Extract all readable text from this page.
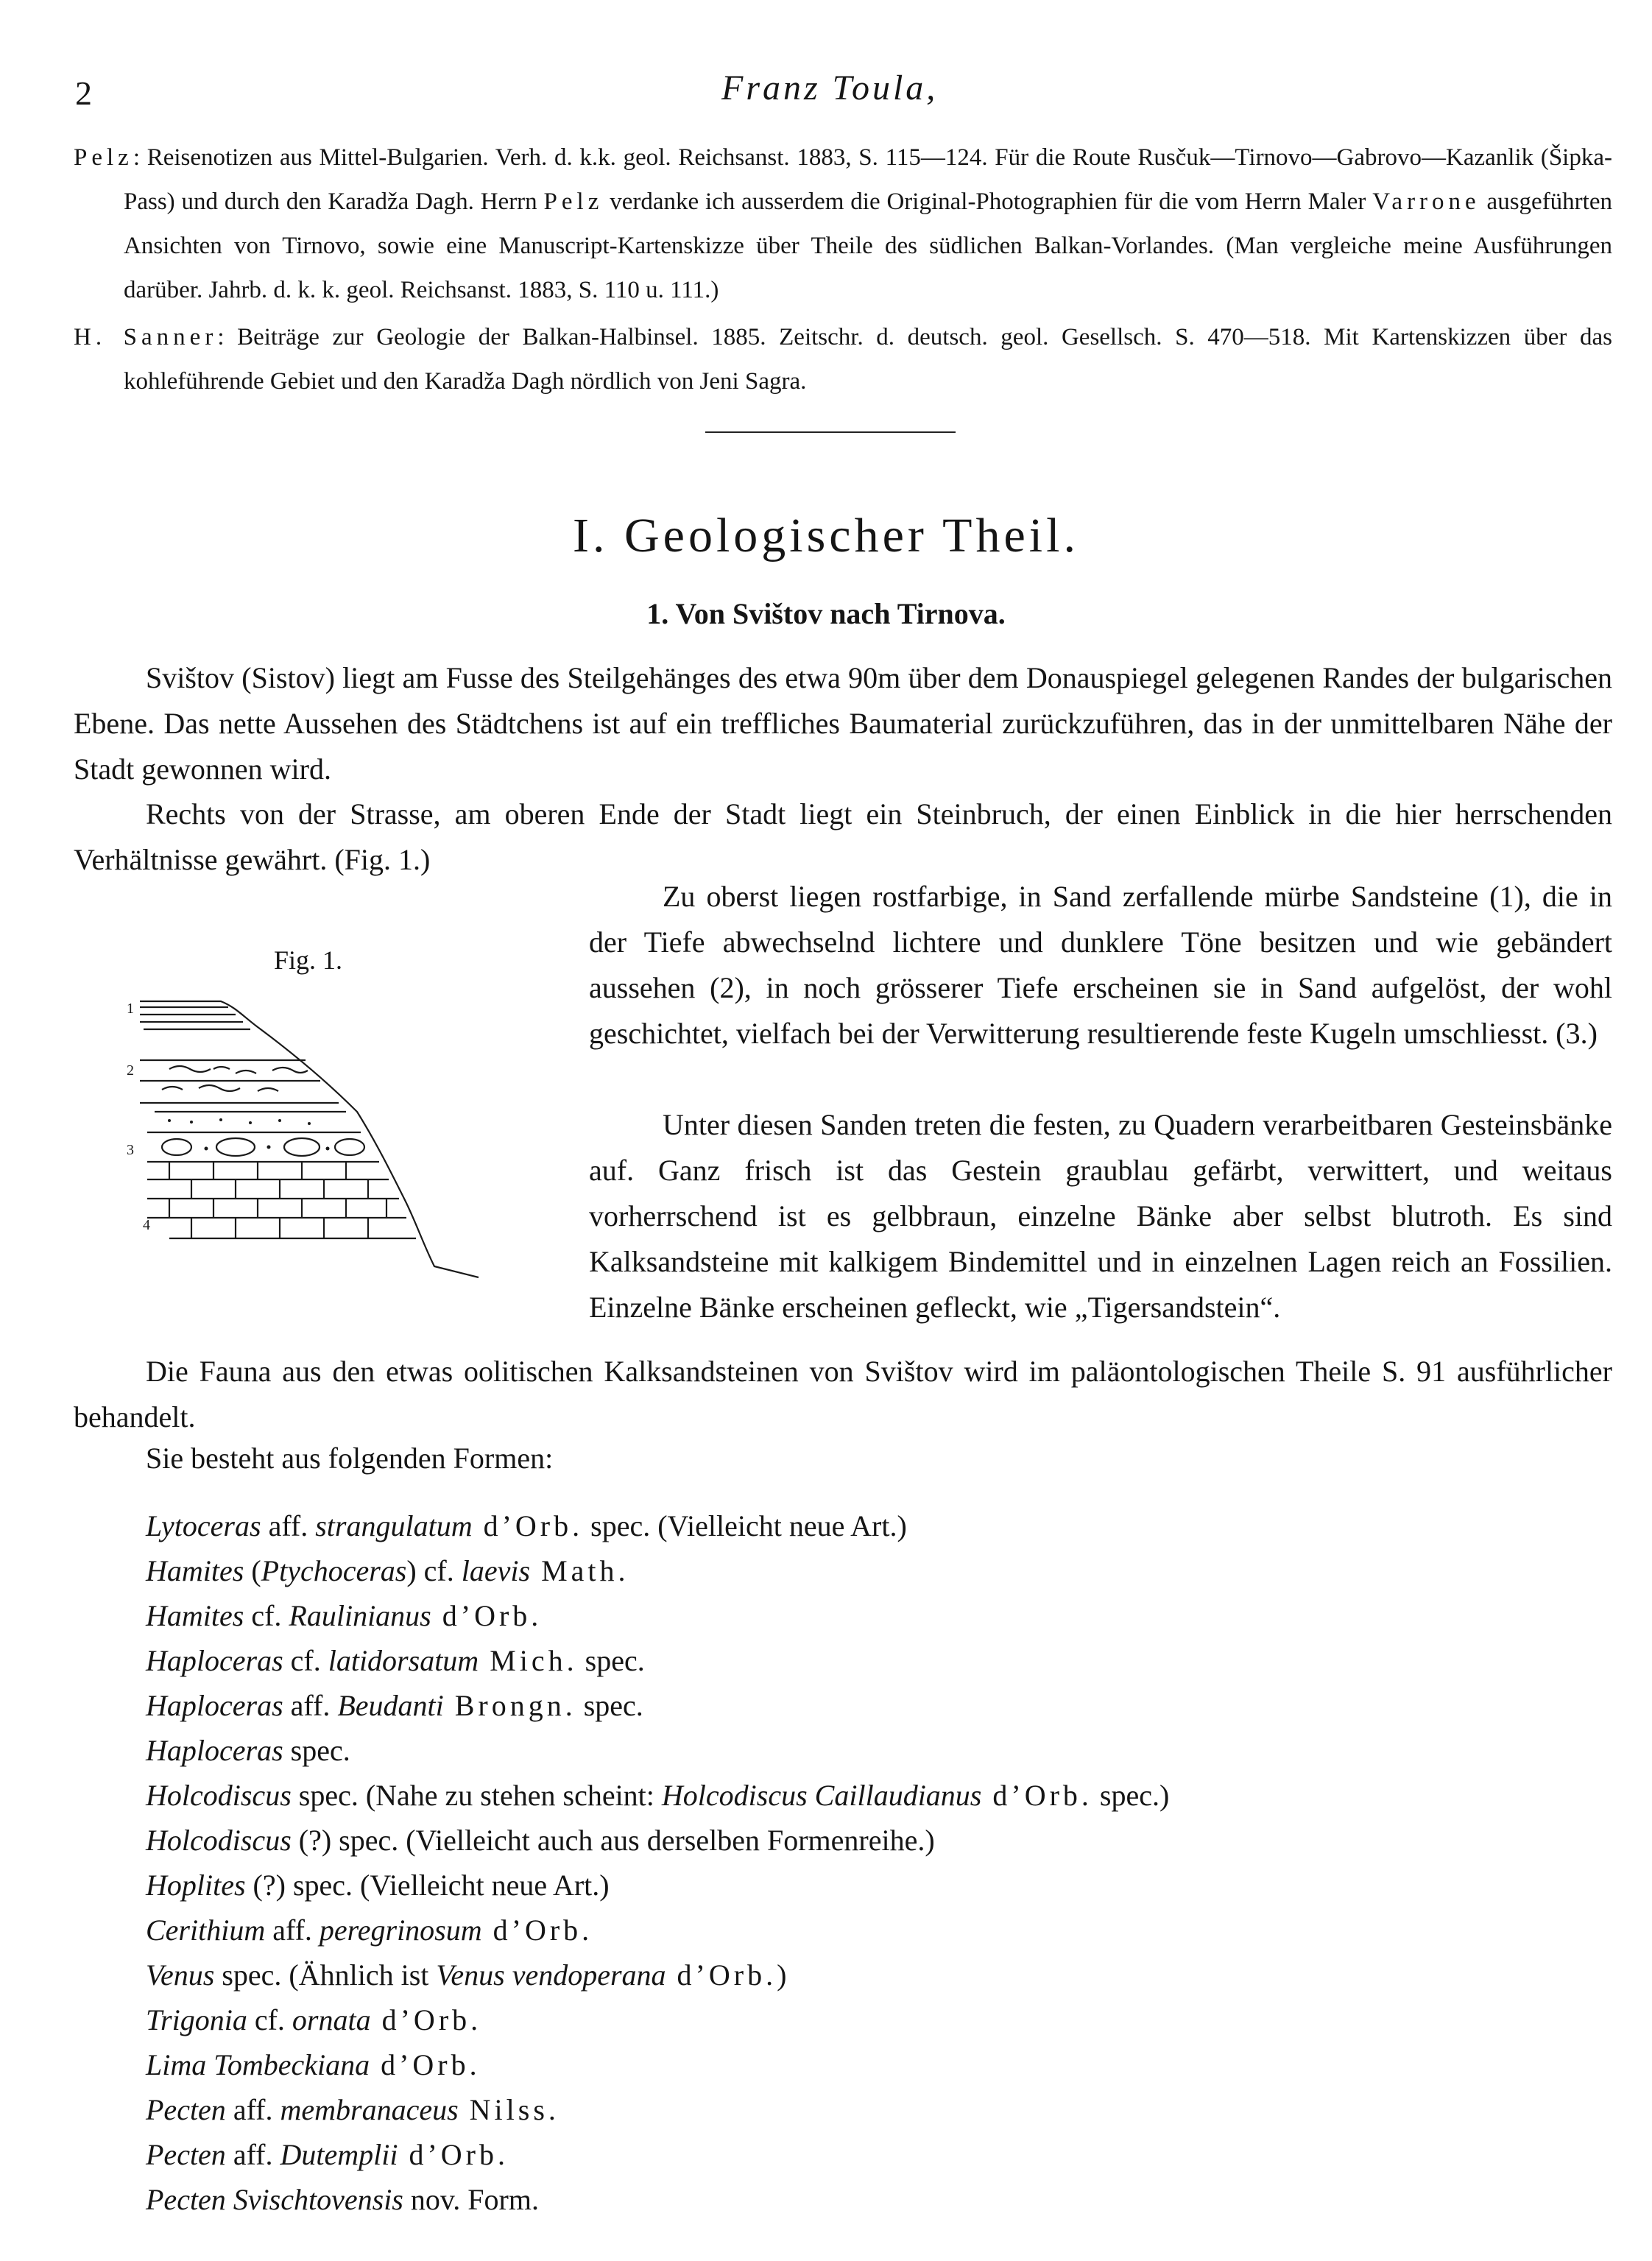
2	Franz Toula,

Pelz: Reisenotizen aus Mittel-Bulgarien. Verh. d. k.k. geol. Reichsanst. 1883, S. 115—124. Für die Route Rusčuk—Tirnovo—Gabrovo—Kazanlik (Šipka-Pass) und durch den Karadža Dagh. Herrn Pelz verdanke ich ausserdem die Original-Photographien für die vom Herrn Maler Varrone ausgeführten Ansichten von Tirnovo, sowie eine Manuscript-Kartenskizze über Theile des südlichen Balkan-Vorlandes. (Man vergleiche meine Ausführungen darüber. Jahrb. d. k. k. geol. Reichsanst. 1883, S. 110 u. 111.)

H. Sanner: Beiträge zur Geologie der Balkan-Halbinsel. 1885. Zeitschr. d. deutsch. geol. Gesellsch. S. 470—518. Mit Kartenskizzen über das kohleführende Gebiet und den Karadža Dagh nördlich von Jeni Sagra.

I. Geologischer Theil.
1. Von Svištov nach Tirnova.

Svištov (Sistov) liegt am Fusse des Steilgehänges des etwa 90m über dem Donauspiegel gelegenen Randes der bulgarischen Ebene. Das nette Aussehen des Städtchens ist auf ein treffliches Baumaterial zurückzuführen, das in der unmittelbaren Nähe der Stadt gewonnen wird.

Rechts von der Strasse, am oberen Ende der Stadt liegt ein Steinbruch, der einen Einblick in die hier herrschenden Verhältnisse gewährt. (Fig. 1.)

Fig. 1.
1
2
3
4

Zu oberst liegen rostfarbige, in Sand zerfallende mürbe Sandsteine (1), die in der Tiefe abwechselnd lichtere und dunklere Töne besitzen und wie gebändert aussehen (2), in noch grösserer Tiefe erscheinen sie in Sand aufgelöst, der wohl geschichtet, vielfach bei der Verwitterung resultierende feste Kugeln umschliesst. (3.)

Unter diesen Sanden treten die festen, zu Quadern verarbeitbaren Gesteinsbänke auf. Ganz frisch ist das Gestein graublau gefärbt, verwittert, und weitaus vorherrschend ist es gelbbraun, einzelne Bänke aber selbst blutroth. Es sind Kalksandsteine mit kalkigem Bindemittel und in einzelnen Lagen reich an Fossilien. Einzelne Bänke erscheinen gefleckt, wie „Tigersandstein“.

Die Fauna aus den etwas oolitischen Kalksandsteinen von Svištov wird im paläontologischen Theile S. 91 ausführlicher behandelt.

Sie besteht aus folgenden Formen:
Lytoceras aff. strangulatum d’Orb. spec. (Vielleicht neue Art.)
Hamites (Ptychoceras) cf. laevis Math.
Hamites cf. Raulinianus d’Orb.
Haploceras cf. latidorsatum Mich. spec.
Haploceras aff. Beudanti Brongn. spec.
Haploceras spec.
Holcodiscus spec. (Nahe zu stehen scheint: Holcodiscus Caillaudianus d’Orb. spec.)
Holcodiscus (?) spec. (Vielleicht auch aus derselben Formenreihe.)
Hoplites (?) spec. (Vielleicht neue Art.)
Cerithium aff. peregrinosum d’Orb.
Venus spec. (Ähnlich ist Venus vendoperana d’Orb.)
Trigonia cf. ornata d’Orb.
Lima Tombeckiana d’Orb.
Pecten aff. membranaceus Nilss.
Pecten aff. Dutemplii d’Orb.
Pecten Svischtovensis nov. Form.
